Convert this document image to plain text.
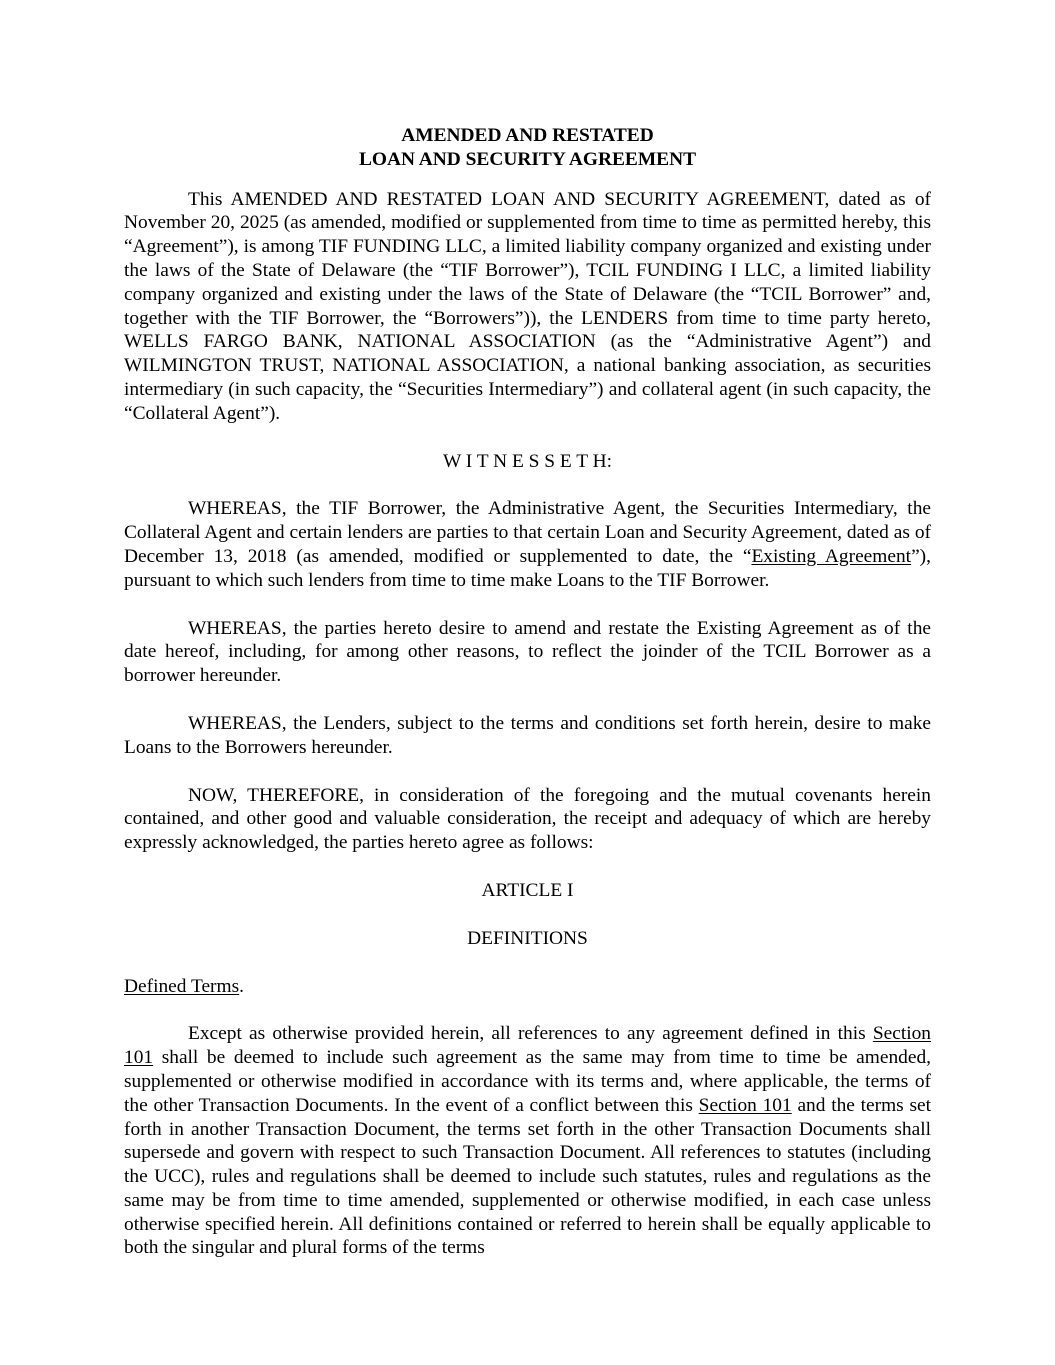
AMENDED AND RESTATED
LOAN AND SECURITY AGREEMENT

This AMENDED AND RESTATED LOAN AND SECURITY AGREEMENT, dated as of November 20, 2025 (as amended, modified or supplemented from time to time as permitted hereby, this “Agreement”), is among TIF FUNDING LLC, a limited liability company organized and existing under the laws of the State of Delaware (the “TIF Borrower”), TCIL FUNDING I LLC, a limited liability company organized and existing under the laws of the State of Delaware (the “TCIL Borrower” and, together with the TIF Borrower, the “Borrowers”)), the LENDERS from time to time party hereto, WELLS FARGO BANK, NATIONAL ASSOCIATION (as the “Administrative Agent”) and WILMINGTON TRUST, NATIONAL ASSOCIATION, a national banking association, as securities intermediary (in such capacity, the “Securities Intermediary”) and collateral agent (in such capacity, the “Collateral Agent”).

W I T N E S S E T H:

WHEREAS, the TIF Borrower, the Administrative Agent, the Securities Intermediary, the Collateral Agent and certain lenders are parties to that certain Loan and Security Agreement, dated as of December 13, 2018 (as amended, modified or supplemented to date, the “Existing Agreement”), pursuant to which such lenders from time to time make Loans to the TIF Borrower.

WHEREAS, the parties hereto desire to amend and restate the Existing Agreement as of the date hereof, including, for among other reasons, to reflect the joinder of the TCIL Borrower as a borrower hereunder.

WHEREAS, the Lenders, subject to the terms and conditions set forth herein, desire to make Loans to the Borrowers hereunder.

NOW, THEREFORE, in consideration of the foregoing and the mutual covenants herein contained, and other good and valuable consideration, the receipt and adequacy of which are hereby expressly acknowledged, the parties hereto agree as follows:

ARTICLE I

DEFINITIONS

Defined Terms.

Except as otherwise provided herein, all references to any agreement defined in this Section 101 shall be deemed to include such agreement as the same may from time to time be amended, supplemented or otherwise modified in accordance with its terms and, where applicable, the terms of the other Transaction Documents. In the event of a conflict between this Section 101 and the terms set forth in another Transaction Document, the terms set forth in the other Transaction Documents shall supersede and govern with respect to such Transaction Document. All references to statutes (including the UCC), rules and regulations shall be deemed to include such statutes, rules and regulations as the same may be from time to time amended, supplemented or otherwise modified, in each case unless otherwise specified herein. All definitions contained or referred to herein shall be equally applicable to both the singular and plural forms of the terms
